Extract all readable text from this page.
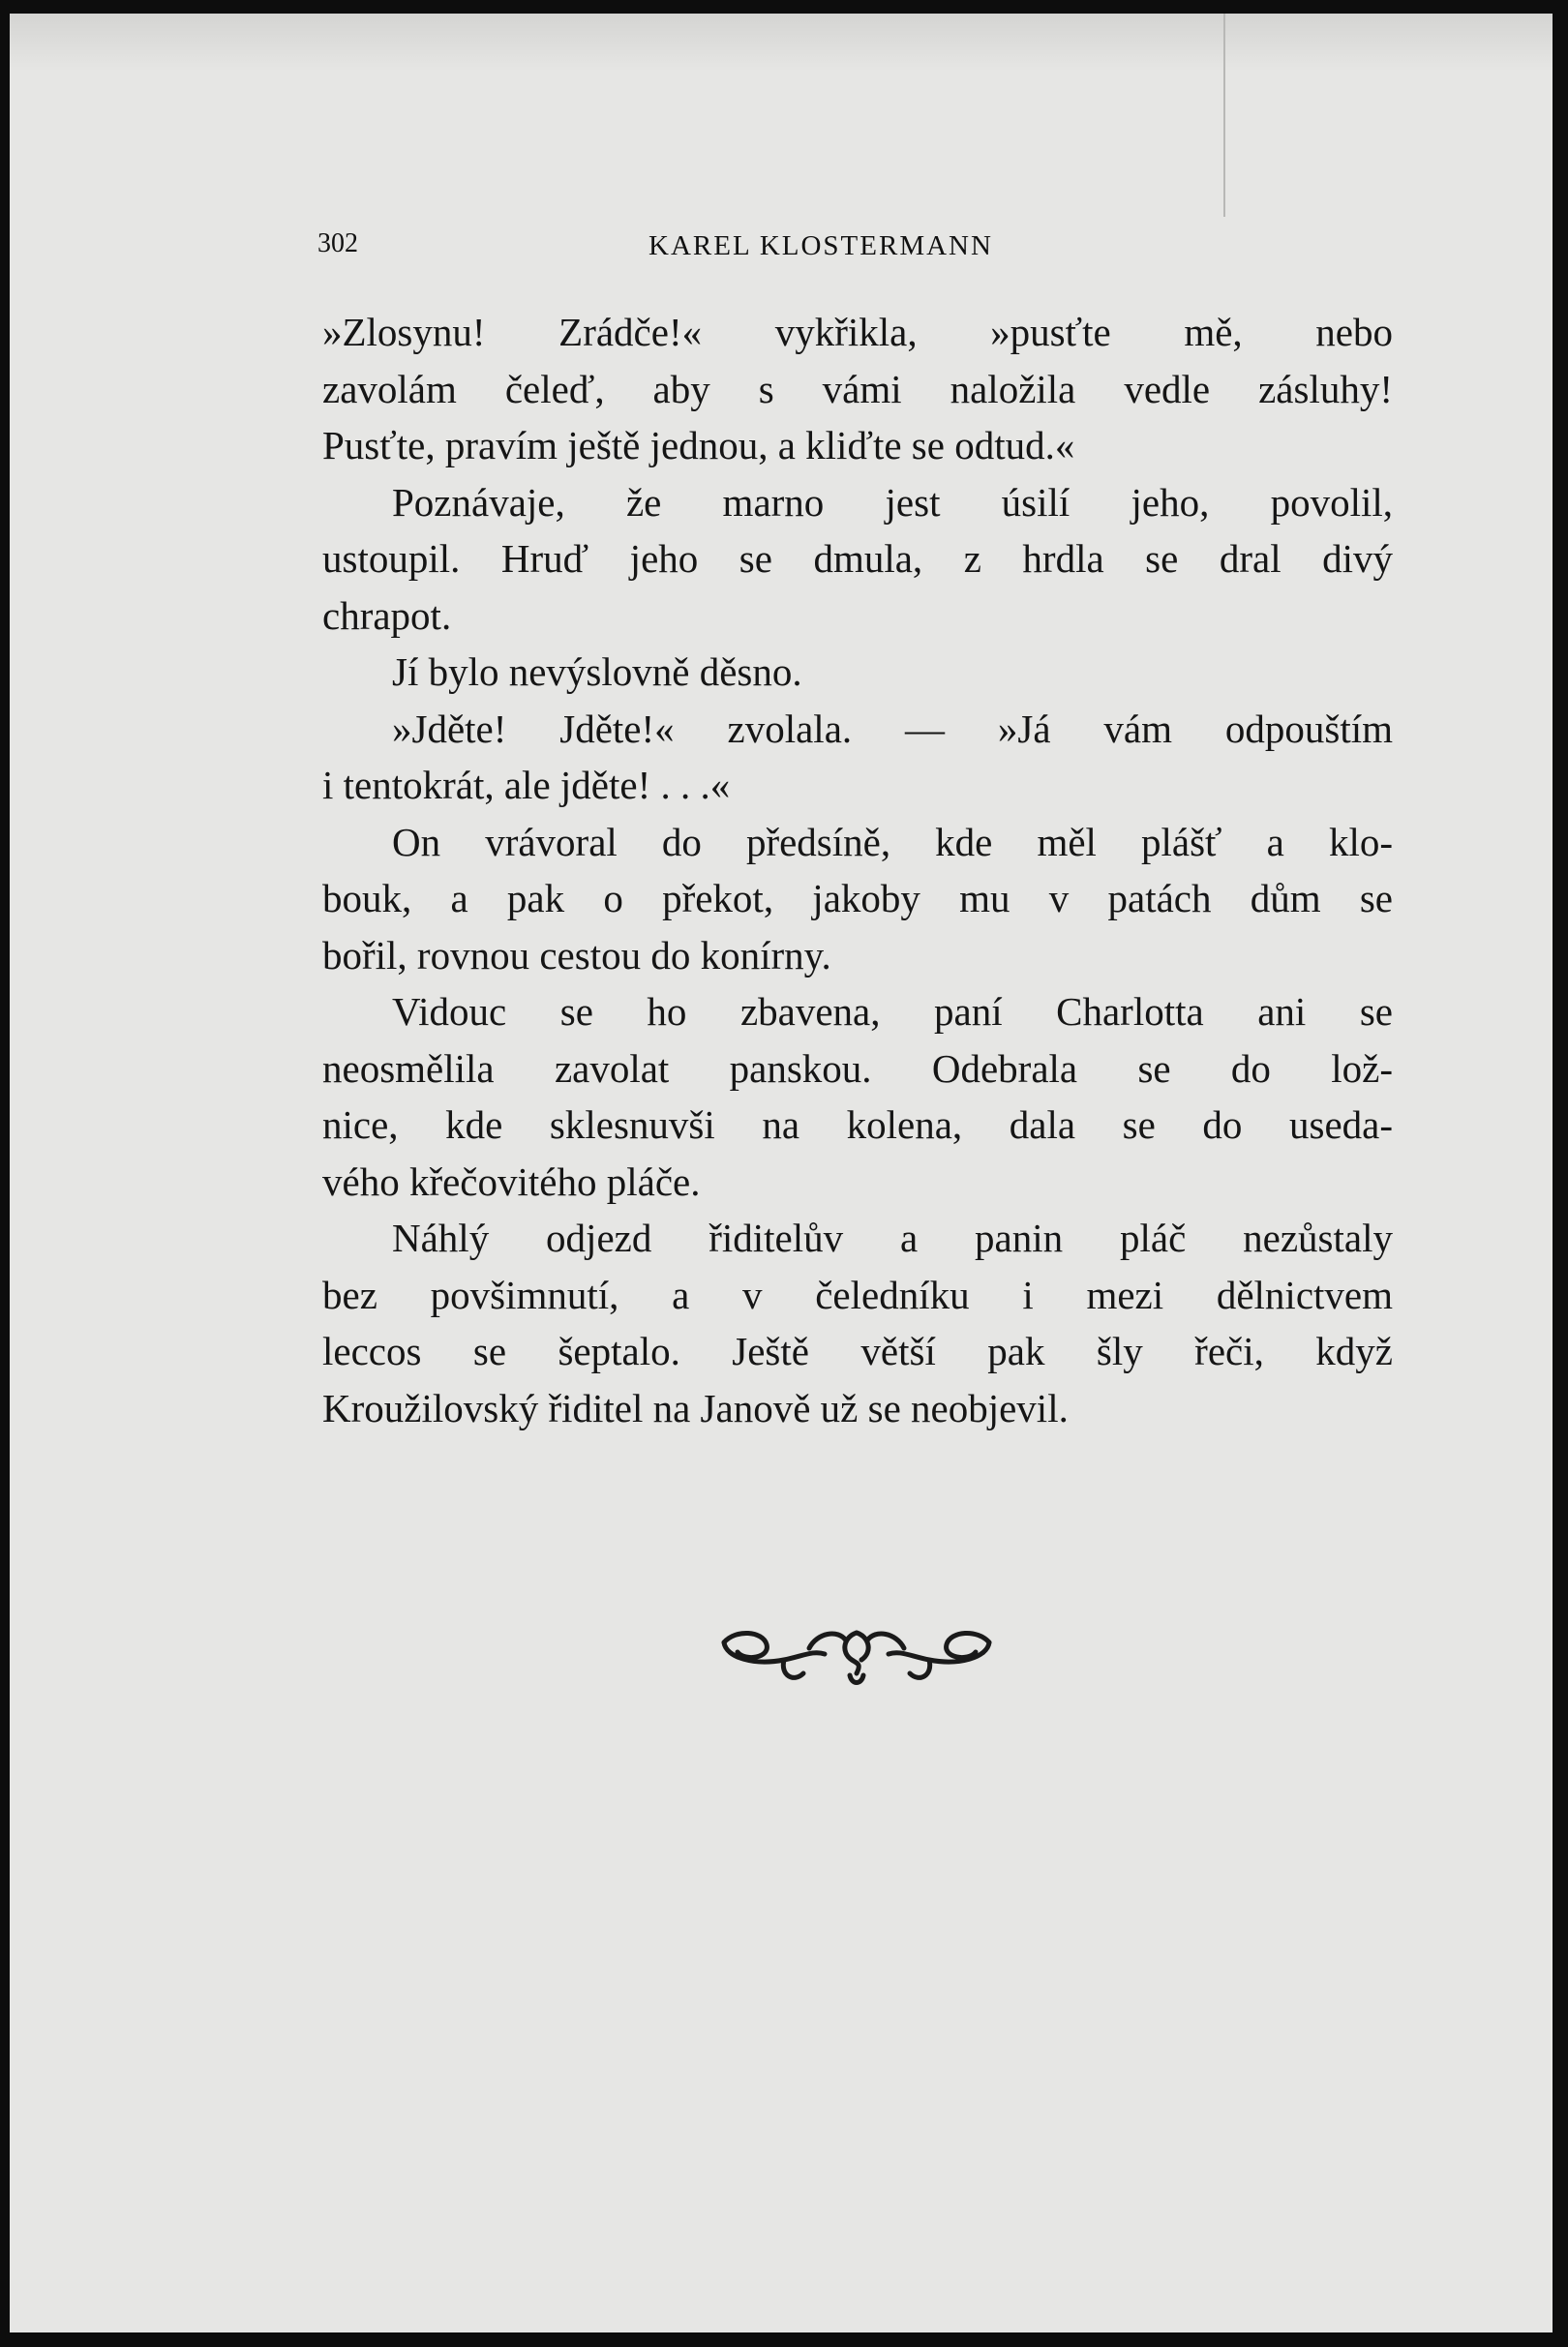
302	KAREL KLOSTERMANN
»Zlosynu! Zrádče!« vykřikla, »pusťte mě, nebo
zavolám čeleď, aby s vámi naložila vedle zásluhy!
Pusťte, pravím ještě jednou, a kliďte se odtud.«
Poznávaje, že marno jest úsilí jeho, povolil,
ustoupil. Hruď jeho se dmula, z hrdla se dral divý
chrapot.
Jí bylo nevýslovně děsno.
»Jděte! Jděte!« zvolala. — »Já vám odpouštím
i tentokrát, ale jděte! . . .«
On vrávoral do předsíně, kde měl plášť a klo-
bouk, a pak o překot, jakoby mu v patách dům se
bořil, rovnou cestou do konírny.
Vidouc se ho zbavena, paní Charlotta ani se
neosmělila zavolat panskou. Odebrala se do lož-
nice, kde sklesnuvši na kolena, dala se do useda-
vého křečovitého pláče.
Náhlý odjezd řiditelův a panin pláč nezůstaly
bez povšimnutí, a v čeledníku i mezi dělnictvem
leccos se šeptalo. Ještě větší pak šly řeči, když
Kroužilovský řiditel na Janově už se neobjevil.
